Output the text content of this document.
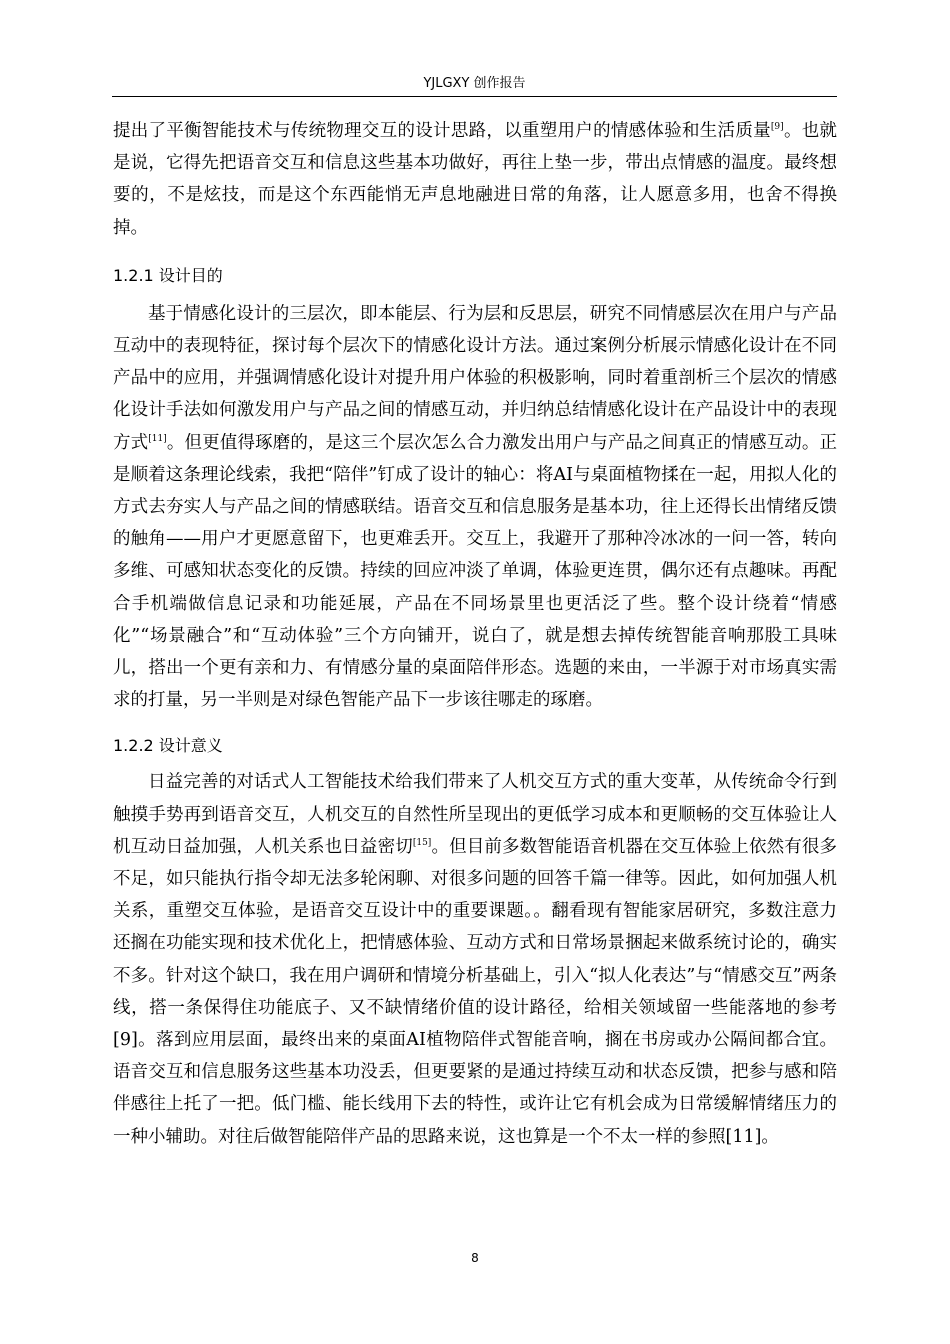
YJLGXY 创作报告

提出了平衡智能技术与传统物理交互的设计思路，以重塑用户的情感体验和生活质量[9]。也就是说，它得先把语音交互和信息这些基本功做好，再往上垫一步，带出点情感的温度。最终想要的，不是炫技，而是这个东西能悄无声息地融进日常的角落，让人愿意多用，也舍不得换掉。

1.2.1 设计目的

基于情感化设计的三层次，即本能层、行为层和反思层，研究不同情感层次在用户与产品互动中的表现特征，探讨每个层次下的情感化设计方法。通过案例分析展示情感化设计在不同产品中的应用，并强调情感化设计对提升用户体验的积极影响，同时着重剖析三个层次的情感化设计手法如何激发用户与产品之间的情感互动，并归纳总结情感化设计在产品设计中的表现方式[11]。但更值得琢磨的，是这三个层次怎么合力激发出用户与产品之间真正的情感互动。正是顺着这条理论线索，我把“陪伴”钉成了设计的轴心：将AI与桌面植物揉在一起，用拟人化的方式去夯实人与产品之间的情感联结。语音交互和信息服务是基本功，往上还得长出情绪反馈的触角——用户才更愿意留下，也更难丢开。交互上，我避开了那种冷冰冰的一问一答，转向多维、可感知状态变化的反馈。持续的回应冲淡了单调，体验更连贯，偶尔还有点趣味。再配合手机端做信息记录和功能延展，产品在不同场景里也更活泛了些。整个设计绕着“情感化”“场景融合”和“互动体验”三个方向铺开，说白了，就是想去掉传统智能音响那股工具味儿，搭出一个更有亲和力、有情感分量的桌面陪伴形态。选题的来由，一半源于对市场真实需求的打量，另一半则是对绿色智能产品下一步该往哪走的琢磨。

1.2.2 设计意义

日益完善的对话式人工智能技术给我们带来了人机交互方式的重大变革，从传统命令行到触摸手势再到语音交互，人机交互的自然性所呈现出的更低学习成本和更顺畅的交互体验让人机互动日益加强，人机关系也日益密切[15]。但目前多数智能语音机器在交互体验上依然有很多不足，如只能执行指令却无法多轮闲聊、对很多问题的回答千篇一律等。因此，如何加强人机关系，重塑交互体验，是语音交互设计中的重要课题。。翻看现有智能家居研究，多数注意力还搁在功能实现和技术优化上，把情感体验、互动方式和日常场景捆起来做系统讨论的，确实不多。针对这个缺口，我在用户调研和情境分析基础上，引入“拟人化表达”与“情感交互”两条线，搭一条保得住功能底子、又不缺情绪价值的设计路径，给相关领域留一些能落地的参考[9]。落到应用层面，最终出来的桌面AI植物陪伴式智能音响，搁在书房或办公隔间都合宜。语音交互和信息服务这些基本功没丢，但更要紧的是通过持续互动和状态反馈，把参与感和陪伴感往上托了一把。低门槛、能长线用下去的特性，或许让它有机会成为日常缓解情绪压力的一种小辅助。对往后做智能陪伴产品的思路来说，这也算是一个不太一样的参照[11]。

8
